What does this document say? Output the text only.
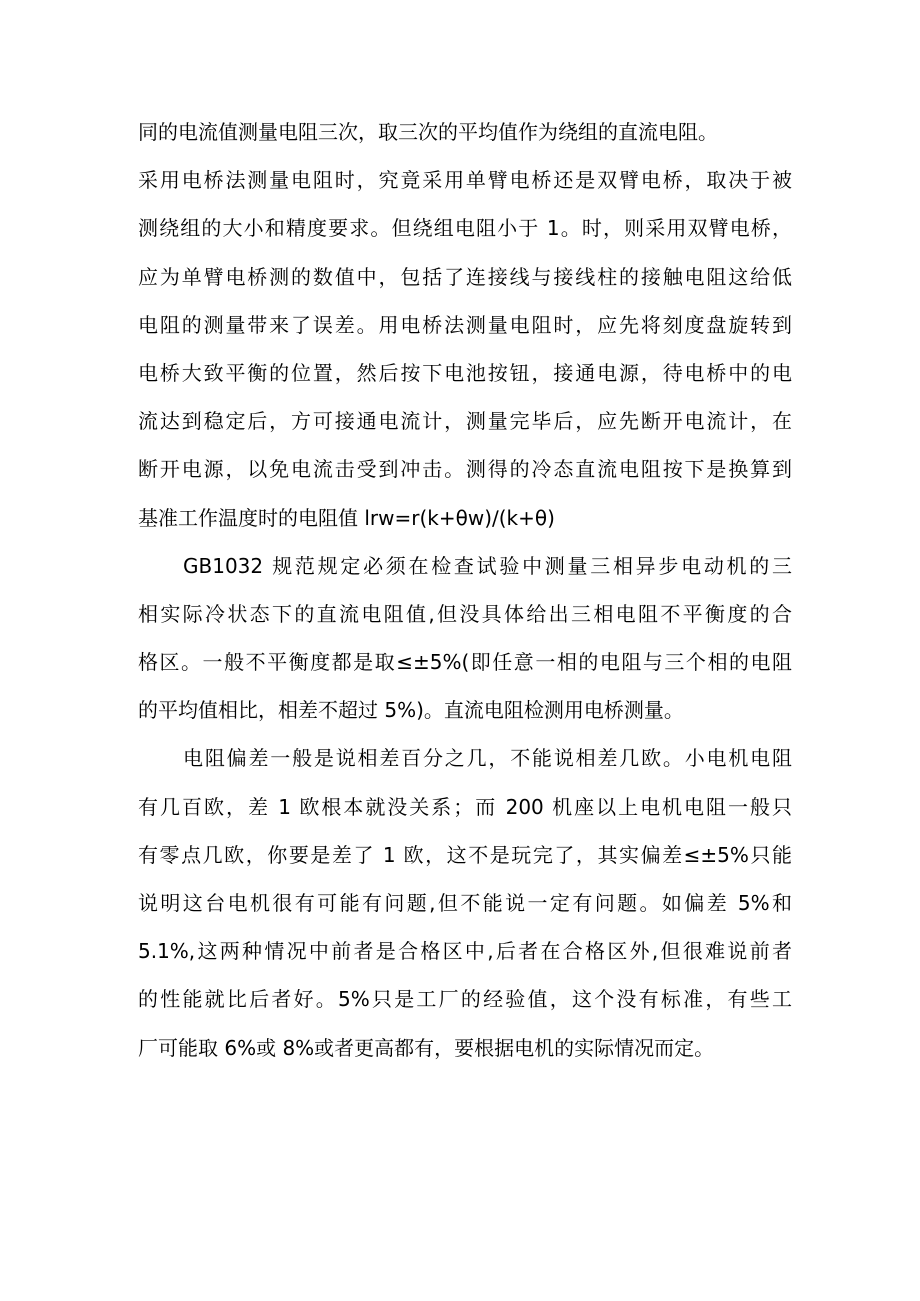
同的电流值测量电阻三次，取三次的平均值作为绕组的直流电阻。
采用电桥法测量电阻时，究竟采用单臂电桥还是双臂电桥，取决于被
测绕组的大小和精度要求。但绕组电阻小于 1。时，则采用双臂电桥，
应为单臂电桥测的数值中，包括了连接线与接线柱的接触电阻这给低
电阻的测量带来了误差。用电桥法测量电阻时，应先将刻度盘旋转到
电桥大致平衡的位置，然后按下电池按钮，接通电源，待电桥中的电
流达到稳定后，方可接通电流计，测量完毕后，应先断开电流计，在
断开电源，以免电流击受到冲击。测得的冷态直流电阻按下是换算到
基准工作温度时的电阻值 lrw=r(k+θw)∕(k+θ)
GB1032 规范规定必须在检查试验中测量三相异步电动机的三
相实际冷状态下的直流电阻值,但没具体给出三相电阻不平衡度的合
格区。一般不平衡度都是取≤±5%(即任意一相的电阻与三个相的电阻
的平均值相比，相差不超过 5%)。直流电阻检测用电桥测量。
电阻偏差一般是说相差百分之几，不能说相差几欧。小电机电阻
有几百欧，差 1 欧根本就没关系；而 200 机座以上电机电阻一般只
有零点几欧，你要是差了 1 欧，这不是玩完了，其实偏差≤±5%只能
说明这台电机很有可能有问题,但不能说一定有问题。如偏差 5%和
5.1%,这两种情况中前者是合格区中,后者在合格区外,但很难说前者
的性能就比后者好。5%只是工厂的经验值，这个没有标准，有些工
厂可能取 6%或 8%或者更高都有，要根据电机的实际情况而定。
